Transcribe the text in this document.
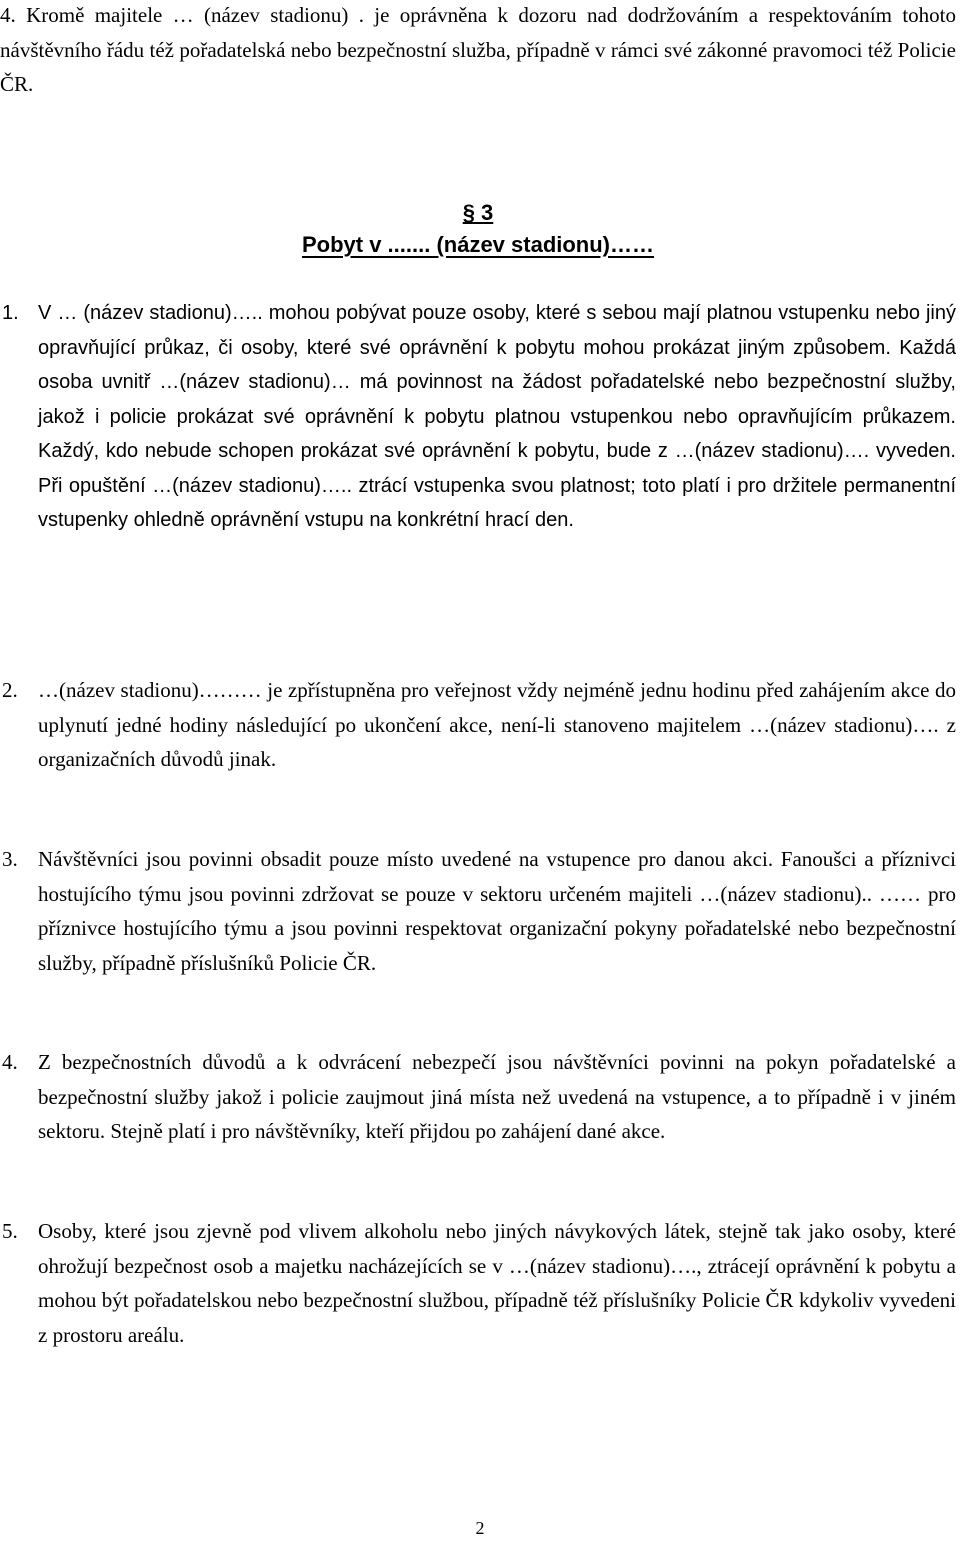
4. Kromě majitele … (název stadionu) . je oprávněna k dozoru nad dodržováním a respektováním tohoto návštěvního řádu též pořadatelská nebo bezpečnostní služba, případně v rámci své zákonné pravomoci též Policie ČR.
§ 3
Pobyt v ....... (název stadionu)……
1. V … (název stadionu)….. mohou pobývat pouze osoby, které s sebou mají platnou vstupenku nebo jiný opravňující průkaz, či osoby, které své oprávnění k pobytu mohou prokázat jiným způsobem. Každá osoba uvnitř …(název stadionu)… má povinnost na žádost pořadatelské nebo bezpečnostní služby, jakož i policie prokázat své oprávnění k pobytu platnou vstupenkou nebo opravňujícím průkazem. Každý, kdo nebude schopen prokázat své oprávnění k pobytu, bude z …(název stadionu)…. vyveden. Při opuštění …(název stadionu)….. ztrácí vstupenka svou platnost; toto platí i pro držitele permanentní vstupenky ohledně oprávnění vstupu na konkrétní hrací den.
2. …(název stadionu)……… je zpřístupněna pro veřejnost vždy nejméně jednu hodinu před zahájením akce do uplynutí jedné hodiny následující po ukončení akce, není-li stanoveno majitelem …(název stadionu)…. z organizačních důvodů jinak.
3. Návštěvníci jsou povinni obsadit pouze místo uvedené na vstupence pro danou akci. Fanoušci a příznivci hostujícího týmu jsou povinni zdržovat se pouze v sektoru určeném majiteli …(název stadionu).. …… pro příznivce hostujícího týmu a jsou povinni respektovat organizační pokyny pořadatelské nebo bezpečnostní služby, případně příslušníků Policie ČR.
4. Z bezpečnostních důvodů a k odvrácení nebezpečí jsou návštěvníci povinni na pokyn pořadatelské a bezpečnostní služby jakož i policie zaujmout jiná místa než uvedená na vstupence, a to případně i v jiném sektoru. Stejně platí i pro návštěvníky, kteří přijdou po zahájení dané akce.
5. Osoby, které jsou zjevně pod vlivem alkoholu nebo jiných návykových látek, stejně tak jako osoby, které ohrožují bezpečnost osob a majetku nacházejících se v …(název stadionu)…., ztrácejí oprávnění k pobytu a mohou být pořadatelskou nebo bezpečnostní službou, případně též příslušníky Policie ČR kdykoliv vyvedeni z prostoru areálu.
2
